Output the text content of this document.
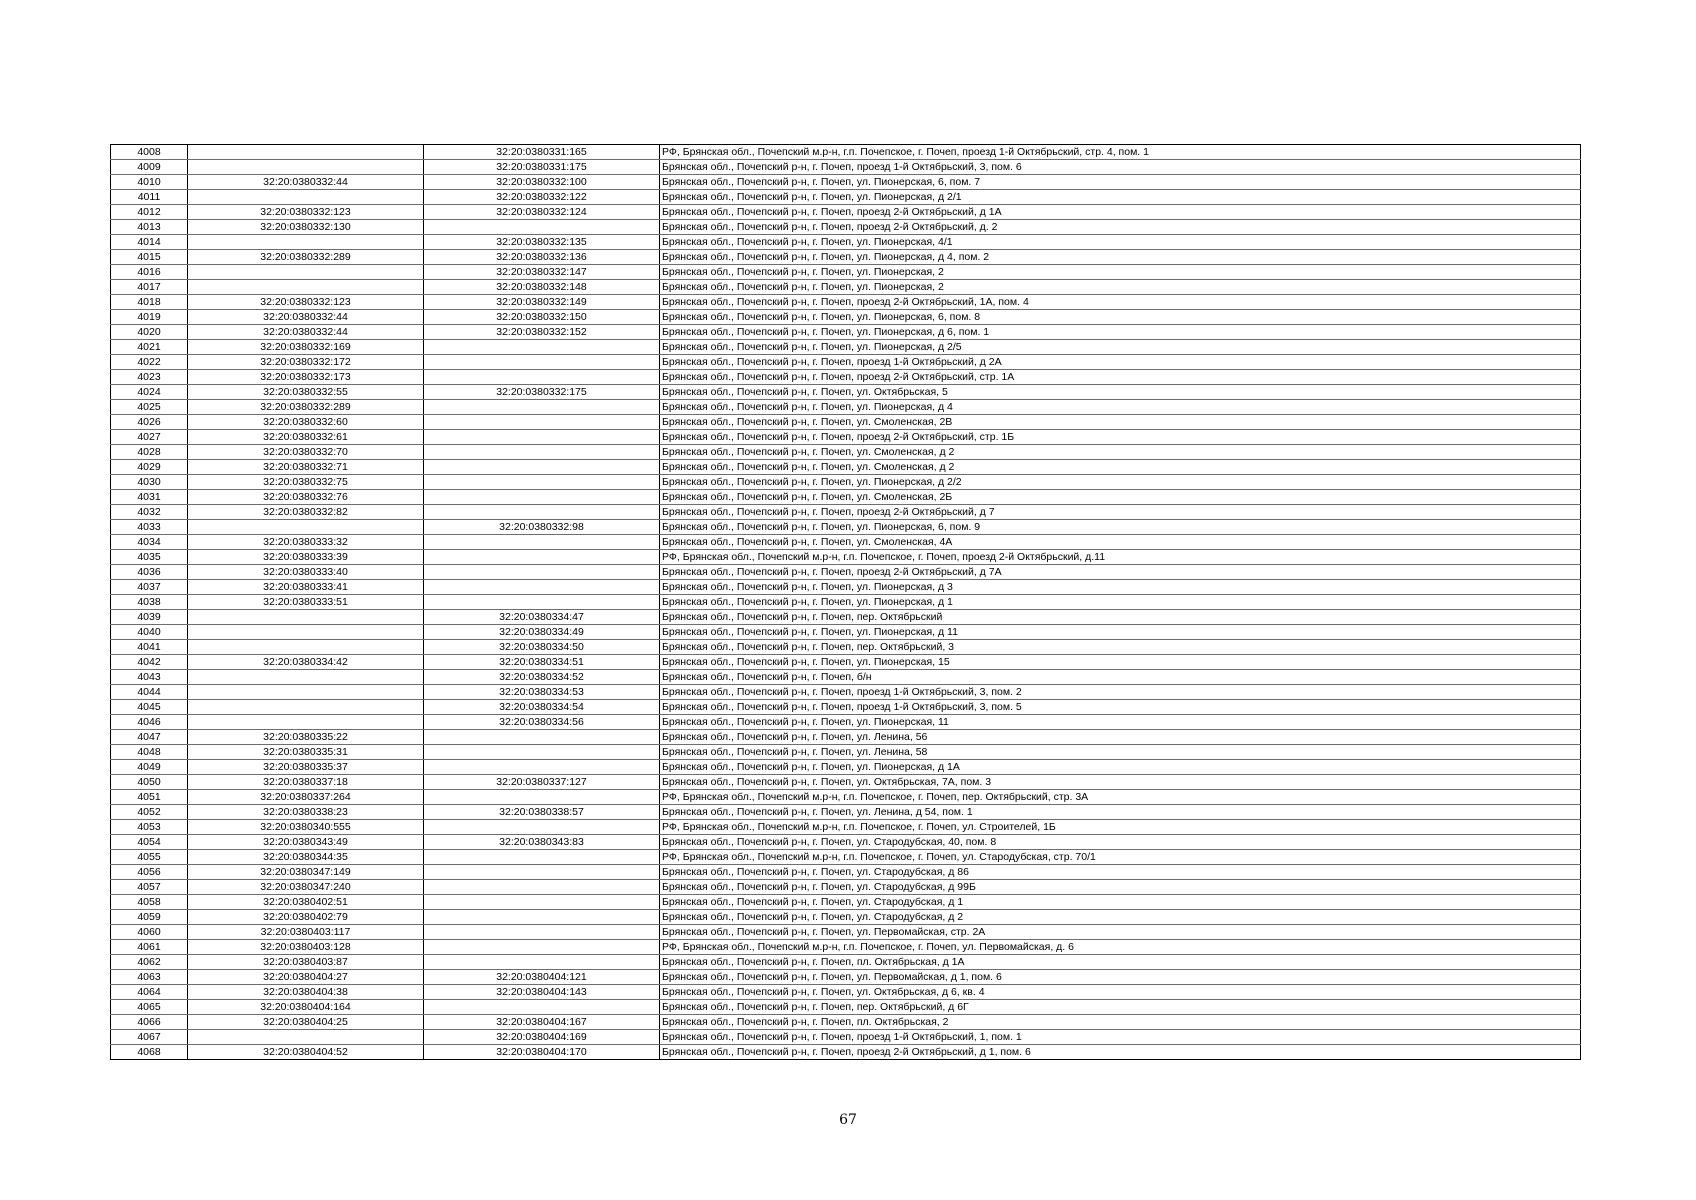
4008		32:20:0380331:165	РФ, Брянская обл., Почепский м.р-н, г.п. Почепское, г. Почеп, проезд 1-й Октябрьский, стр. 4, пом. 1
4009		32:20:0380331:175	Брянская обл., Почепский р-н, г. Почеп, проезд 1-й Октябрьский, 3, пом. 6
4010	32:20:0380332:44	32:20:0380332:100	Брянская обл., Почепский р-н, г. Почеп, ул. Пионерская, 6, пом. 7
4011		32:20:0380332:122	Брянская обл., Почепский р-н, г. Почеп, ул. Пионерская, д 2/1
4012	32:20:0380332:123	32:20:0380332:124	Брянская обл., Почепский р-н, г. Почеп, проезд 2-й Октябрьский, д 1А
4013	32:20:0380332:130		Брянская обл., Почепский р-н, г. Почеп, проезд 2-й Октябрьский, д. 2
4014		32:20:0380332:135	Брянская обл., Почепский р-н, г. Почеп, ул. Пионерская, 4/1
4015	32:20:0380332:289	32:20:0380332:136	Брянская обл., Почепский р-н, г. Почеп, ул. Пионерская, д 4, пом. 2
4016		32:20:0380332:147	Брянская обл., Почепский р-н, г. Почеп, ул. Пионерская, 2
4017		32:20:0380332:148	Брянская обл., Почепский р-н, г. Почеп, ул. Пионерская, 2
4018	32:20:0380332:123	32:20:0380332:149	Брянская обл., Почепский р-н, г. Почеп, проезд 2-й Октябрьский, 1А, пом. 4
4019	32:20:0380332:44	32:20:0380332:150	Брянская обл., Почепский р-н, г. Почеп, ул. Пионерская, 6, пом. 8
4020	32:20:0380332:44	32:20:0380332:152	Брянская обл., Почепский р-н, г. Почеп, ул. Пионерская, д 6, пом. 1
4021	32:20:0380332:169		Брянская обл., Почепский р-н, г. Почеп, ул. Пионерская, д 2/5
4022	32:20:0380332:172		Брянская обл., Почепский р-н, г. Почеп, проезд 1-й Октябрьский, д 2А
4023	32:20:0380332:173		Брянская обл., Почепский р-н, г. Почеп, проезд 2-й Октябрьский, стр. 1А
4024	32:20:0380332:55	32:20:0380332:175	Брянская обл., Почепский р-н, г. Почеп, ул. Октябрьская, 5
4025	32:20:0380332:289		Брянская обл., Почепский р-н, г. Почеп, ул. Пионерская, д 4
4026	32:20:0380332:60		Брянская обл., Почепский р-н, г. Почеп, ул. Смоленская, 2В
4027	32:20:0380332:61		Брянская обл., Почепский р-н, г. Почеп, проезд 2-й Октябрьский, стр. 1Б
4028	32:20:0380332:70		Брянская обл., Почепский р-н, г. Почеп, ул. Смоленская, д 2
4029	32:20:0380332:71		Брянская обл., Почепский р-н, г. Почеп, ул. Смоленская, д 2
4030	32:20:0380332:75		Брянская обл., Почепский р-н, г. Почеп, ул. Пионерская, д 2/2
4031	32:20:0380332:76		Брянская обл., Почепский р-н, г. Почеп, ул. Смоленская, 2Б
4032	32:20:0380332:82		Брянская обл., Почепский р-н, г. Почеп, проезд 2-й Октябрьский, д 7
4033		32:20:0380332:98	Брянская обл., Почепский р-н, г. Почеп, ул. Пионерская, 6, пом. 9
4034	32:20:0380333:32		Брянская обл., Почепский р-н, г. Почеп, ул. Смоленская, 4А
4035	32:20:0380333:39		РФ, Брянская обл., Почепский м.р-н, г.п. Почепское, г. Почеп, проезд 2-й Октябрьский, д.11
4036	32:20:0380333:40		Брянская обл., Почепский р-н, г. Почеп, проезд 2-й Октябрьский, д 7А
4037	32:20:0380333:41		Брянская обл., Почепский р-н, г. Почеп, ул. Пионерская, д 3
4038	32:20:0380333:51		Брянская обл., Почепский р-н, г. Почеп, ул. Пионерская, д 1
4039		32:20:0380334:47	Брянская обл., Почепский р-н, г. Почеп, пер. Октябрьский
4040		32:20:0380334:49	Брянская обл., Почепский р-н, г. Почеп, ул. Пионерская, д 11
4041		32:20:0380334:50	Брянская обл., Почепский р-н, г. Почеп, пер. Октябрьский, 3
4042	32:20:0380334:42	32:20:0380334:51	Брянская обл., Почепский р-н, г. Почеп, ул. Пионерская, 15
4043		32:20:0380334:52	Брянская обл., Почепский р-н, г. Почеп, б/н
4044		32:20:0380334:53	Брянская обл., Почепский р-н, г. Почеп, проезд 1-й Октябрьский, 3, пом. 2
4045		32:20:0380334:54	Брянская обл., Почепский р-н, г. Почеп, проезд 1-й Октябрьский, 3, пом. 5
4046		32:20:0380334:56	Брянская обл., Почепский р-н, г. Почеп, ул. Пионерская, 11
4047	32:20:0380335:22		Брянская обл., Почепский р-н, г. Почеп, ул. Ленина, 56
4048	32:20:0380335:31		Брянская обл., Почепский р-н, г. Почеп, ул. Ленина, 58
4049	32:20:0380335:37		Брянская обл., Почепский р-н, г. Почеп, ул. Пионерская, д 1А
4050	32:20:0380337:18	32:20:0380337:127	Брянская обл., Почепский р-н, г. Почеп, ул. Октябрьская, 7А, пом. 3
4051	32:20:0380337:264		РФ, Брянская обл., Почепский м.р-н, г.п. Почепское, г. Почеп, пер. Октябрьский, стр. 3А
4052	32:20:0380338:23	32:20:0380338:57	Брянская обл., Почепский р-н, г. Почеп, ул. Ленина, д 54, пом. 1
4053	32:20:0380340:555		РФ, Брянская обл., Почепский м.р-н, г.п. Почепское, г. Почеп, ул. Строителей, 1Б
4054	32:20:0380343:49	32:20:0380343:83	Брянская обл., Почепский р-н, г. Почеп, ул. Стародубская, 40, пом. 8
4055	32:20:0380344:35		РФ, Брянская обл., Почепский м.р-н, г.п. Почепское, г. Почеп, ул. Стародубская, стр. 70/1
4056	32:20:0380347:149		Брянская обл., Почепский р-н, г. Почеп, ул. Стародубская, д 86
4057	32:20:0380347:240		Брянская обл., Почепский р-н, г. Почеп, ул. Стародубская, д 99Б
4058	32:20:0380402:51		Брянская обл., Почепский р-н, г. Почеп, ул. Стародубская, д 1
4059	32:20:0380402:79		Брянская обл., Почепский р-н, г. Почеп, ул. Стародубская, д 2
4060	32:20:0380403:117		Брянская обл., Почепский р-н, г. Почеп, ул. Первомайская, стр. 2А
4061	32:20:0380403:128		РФ, Брянская обл., Почепский м.р-н, г.п. Почепское, г. Почеп, ул. Первомайская, д. 6
4062	32:20:0380403:87		Брянская обл., Почепский р-н, г. Почеп, пл. Октябрьская, д 1А
4063	32:20:0380404:27	32:20:0380404:121	Брянская обл., Почепский р-н, г. Почеп, ул. Первомайская, д 1, пом. 6
4064	32:20:0380404:38	32:20:0380404:143	Брянская обл., Почепский р-н, г. Почеп, ул. Октябрьская, д 6, кв. 4
4065	32:20:0380404:164		Брянская обл., Почепский р-н, г. Почеп, пер. Октябрьский, д 6Г
4066	32:20:0380404:25	32:20:0380404:167	Брянская обл., Почепский р-н, г. Почеп, пл. Октябрьская, 2
4067		32:20:0380404:169	Брянская обл., Почепский р-н, г. Почеп, проезд 1-й Октябрьский, 1, пом. 1
4068	32:20:0380404:52	32:20:0380404:170	Брянская обл., Почепский р-н, г. Почеп, проезд 2-й Октябрьский, д 1, пом. 6
67
